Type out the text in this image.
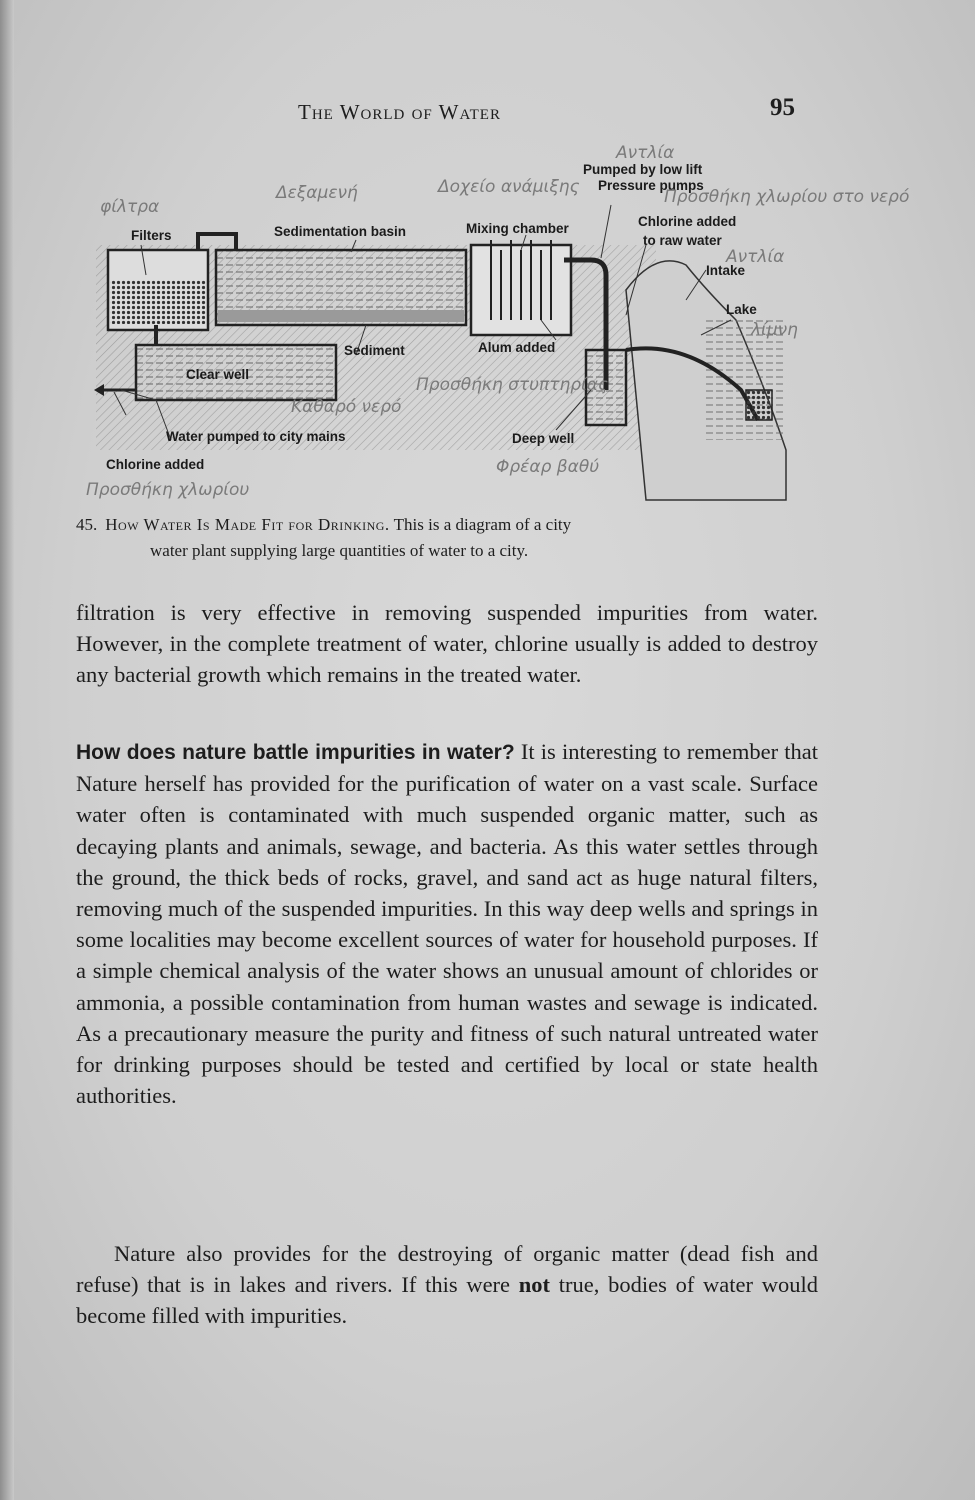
The World of Water	95
Filters	Sedimentation basin	Mixing chamber
Pumped by low lift
Pressure pumps
Chlorine added
to raw water
Intake
Lake
Sediment	Alum added
Clear well
Water pumped to city mains	Deep well
Chlorine added
φίλτρα
Δεξαμενή	Δοχείο ανάμιξης
Αντλία
Προσθήκη χλωρίου στο νερό
Αντλία
λίμνη
Καθαρό νερό
Προσθήκη στυπτηρίας
Φρέαρ βαθύ
Προσθήκη χλωρίου
45. How Water Is Made Fit for Drinking. This is a diagram of a city
water plant supplying large quantities of water to a city.

filtration is very effective in removing suspended impurities from water. However, in the complete treatment of water, chlorine usually is added to destroy any bacterial growth which remains in the treated water.

How does nature battle impurities in water? It is interesting to remember that Nature herself has provided for the purification of water on a vast scale. Surface water often is contaminated with much suspended organic matter, such as decaying plants and animals, sewage, and bacteria. As this water settles through the ground, the thick beds of rocks, gravel, and sand act as huge natural filters, removing much of the suspended impurities. In this way deep wells and springs in some localities may become excellent sources of water for household purposes. If a simple chemical analysis of the water shows an unusual amount of chlorides or ammonia, a possible contamination from human wastes and sewage is indicated. As a precautionary measure the purity and fitness of such natural untreated water for drinking purposes should be tested and certified by local or state health authorities.

Nature also provides for the destroying of organic matter (dead fish and refuse) that is in lakes and rivers. If this were not true, bodies of water would become filled with impurities.
